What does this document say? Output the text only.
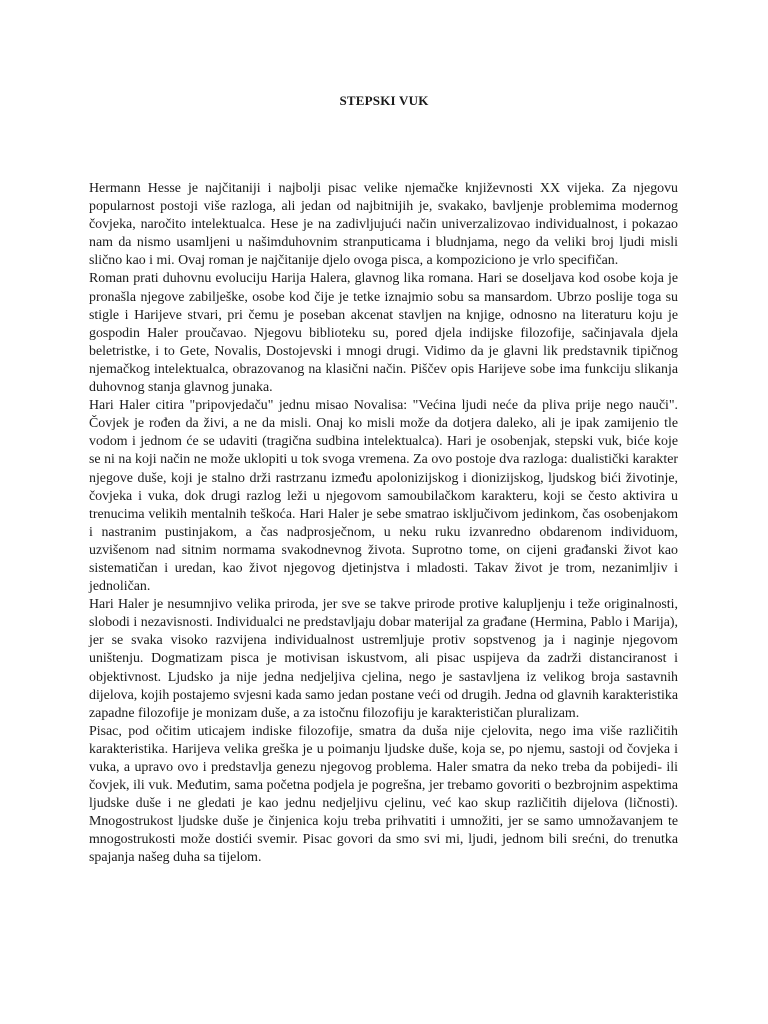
STEPSKI VUK

Hermann Hesse je najčitaniji i najbolji pisac velike njemačke književnosti XX vijeka. Za njegovu popularnost postoji više razloga, ali jedan od najbitnijih je, svakako, bavljenje problemima modernog čovjeka, naročito intelektualca. Hese je na zadivljujući način univerzalizovao individualnost, i pokazao nam da nismo usamljeni u našimduhovnim stranputicama i bludnjama, nego da veliki broj ljudi misli slično kao i mi. Ovaj roman je najčitanije djelo ovoga pisca, a kompoziciono je vrlo specifičan.

Roman prati duhovnu evoluciju Harija Halera, glavnog lika romana. Hari se doseljava kod osobe koja je pronašla njegove zabilješke, osobe kod čije je tetke iznajmio sobu sa mansardom. Ubrzo poslije toga su stigle i Harijeve stvari, pri čemu je poseban akcenat stavljen na knjige, odnosno na literaturu koju je gospodin Haler proučavao. Njegovu biblioteku su, pored djela indijske filozofije, sačinjavala djela beletristke, i to Gete, Novalis, Dostojevski i mnogi drugi. Vidimo da je glavni lik predstavnik tipičnog njemačkog intelektualca, obrazovanog na klasični način. Piščev opis Harijeve sobe ima funkciju slikanja duhovnog stanja glavnog junaka.

Hari Haler citira "pripovjedaču" jednu misao Novalisa: "Većina ljudi neće da pliva prije nego nauči". Čovjek je rođen da živi, a ne da misli. Onaj ko misli može da dotjera daleko, ali je ipak zamijenio tle vodom i jednom će se udaviti (tragična sudbina intelektualca). Hari je osobenjak, stepski vuk, biće koje se ni na koji način ne može uklopiti u tok svoga vremena. Za ovo postoje dva razloga: dualistički karakter njegove duše, koji je stalno drži rastrzanu između apolonizijskog i dionizijskog, ljudskog bići životinje, čovjeka i vuka, dok drugi razlog leži u njegovom samoubilačkom karakteru, koji se često aktivira u trenucima velikih mentalnih teškoća. Hari Haler je sebe smatrao isključivom jedinkom, čas osobenjakom i nastranim pustinjakom, a čas nadprosječnom, u neku ruku izvanredno obdarenom individuom, uzvišenom nad sitnim normama svakodnevnog života. Suprotno tome, on cijeni građanski život kao sistematičan i uredan, kao život njegovog djetinjstva i mladosti. Takav život je trom, nezanimljiv i jednoličan.

Hari Haler je nesumnjivo velika priroda, jer sve se takve prirode protive kalupljenju i teže originalnosti, slobodi i nezavisnosti. Individualci ne predstavljaju dobar materijal za građane (Hermina, Pablo i Marija), jer se svaka visoko razvijena individualnost ustremljuje protiv sopstvenog ja i naginje njegovom uništenju. Dogmatizam pisca je motivisan iskustvom, ali pisac uspijeva da zadrži distanciranost i objektivnost. Ljudsko ja nije jedna nedjeljiva cjelina, nego je sastavljena iz velikog broja sastavnih dijelova, kojih postajemo svjesni kada samo jedan postane veći od drugih. Jedna od glavnih karakteristika zapadne filozofije je monizam duše, a za istočnu filozofiju je karakterističan pluralizam.

Pisac, pod očitim uticajem indiske filozofije, smatra da duša nije cjelovita, nego ima više različitih karakteristika. Harijeva velika greška je u poimanju ljudske duše, koja se, po njemu, sastoji od čovjeka i vuka, a upravo ovo i predstavlja genezu njegovog problema. Haler smatra da neko treba da pobijedi- ili čovjek, ili vuk. Međutim, sama početna podjela je pogrešna, jer trebamo govoriti o bezbrojnim aspektima ljudske duše i ne gledati je kao jednu nedjeljivu cjelinu, već kao skup različitih dijelova (ličnosti). Mnogostrukost ljudske duše je činjenica koju treba prihvatiti i umnožiti, jer se samo umnožavanjem te mnogostrukosti može dostići svemir. Pisac govori da smo svi mi, ljudi, jednom bili srećni, do trenutka spajanja našeg duha sa tijelom.
